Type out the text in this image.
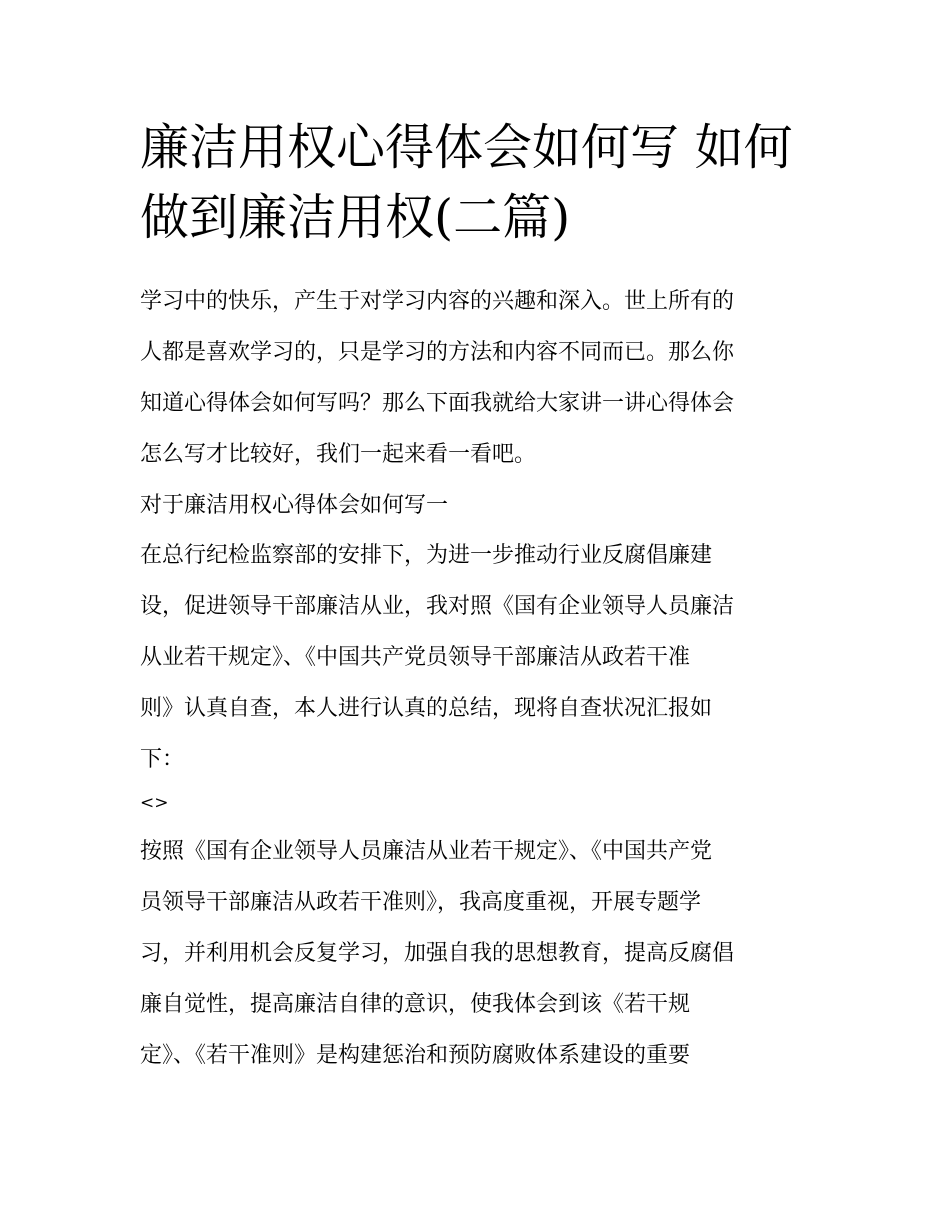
廉洁用权心得体会如何写 如何
做到廉洁用权(二篇)
学习中的快乐，产生于对学习内容的兴趣和深入。世上所有的
人都是喜欢学习的，只是学习的方法和内容不同而已。那么你
知道心得体会如何写吗？那么下面我就给大家讲一讲心得体会
怎么写才比较好，我们一起来看一看吧。
对于廉洁用权心得体会如何写一
在总行纪检监察部的安排下，为进一步推动行业反腐倡廉建
设，促进领导干部廉洁从业，我对照《国有企业领导人员廉洁
从业若干规定》、《中国共产党员领导干部廉洁从政若干准
则》认真自查，本人进行认真的总结，现将自查状况汇报如
下：
<>
按照《国有企业领导人员廉洁从业若干规定》、《中国共产党
员领导干部廉洁从政若干准则》，我高度重视，开展专题学
习，并利用机会反复学习，加强自我的思想教育，提高反腐倡
廉自觉性，提高廉洁自律的意识，使我体会到该《若干规
定》、《若干准则》是构建惩治和预防腐败体系建设的重要
